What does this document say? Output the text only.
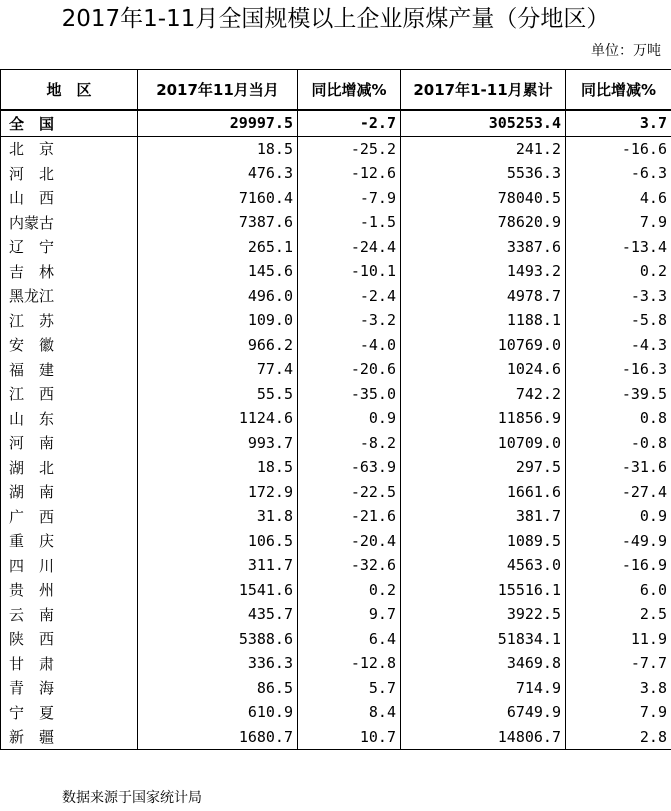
2017年1-11月全国规模以上企业原煤产量（分地区）
单位：万吨
地　区	2017年11月当月	同比增减%	2017年1-11月累计	同比增减%
全　国	29997.5	-2.7	305253.4	3.7
北　京	18.5	-25.2	241.2	-16.6
河　北	476.3	-12.6	5536.3	-6.3
山　西	7160.4	-7.9	78040.5	4.6
内蒙古	7387.6	-1.5	78620.9	7.9
辽　宁	265.1	-24.4	3387.6	-13.4
吉　林	145.6	-10.1	1493.2	0.2
黑龙江	496.0	-2.4	4978.7	-3.3
江　苏	109.0	-3.2	1188.1	-5.8
安　徽	966.2	-4.0	10769.0	-4.3
福　建	77.4	-20.6	1024.6	-16.3
江　西	55.5	-35.0	742.2	-39.5
山　东	1124.6	0.9	11856.9	0.8
河　南	993.7	-8.2	10709.0	-0.8
湖　北	18.5	-63.9	297.5	-31.6
湖　南	172.9	-22.5	1661.6	-27.4
广　西	31.8	-21.6	381.7	0.9
重　庆	106.5	-20.4	1089.5	-49.9
四　川	311.7	-32.6	4563.0	-16.9
贵　州	1541.6	0.2	15516.1	6.0
云　南	435.7	9.7	3922.5	2.5
陕　西	5388.6	6.4	51834.1	11.9
甘　肃	336.3	-12.8	3469.8	-7.7
青　海	86.5	5.7	714.9	3.8
宁　夏	610.9	8.4	6749.9	7.9
新　疆	1680.7	10.7	14806.7	2.8
数据来源于国家统计局
